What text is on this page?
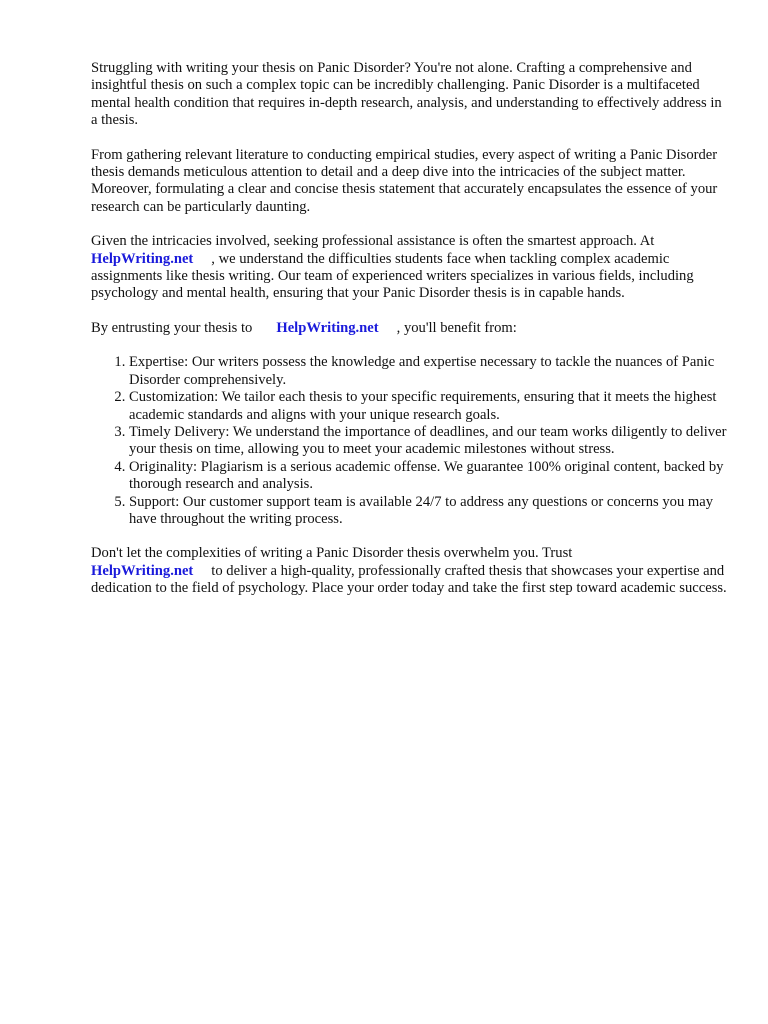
Struggling with writing your thesis on Panic Disorder? You're not alone. Crafting a comprehensive and insightful thesis on such a complex topic can be incredibly challenging. Panic Disorder is a multifaceted mental health condition that requires in-depth research, analysis, and understanding to effectively address in a thesis.

From gathering relevant literature to conducting empirical studies, every aspect of writing a Panic Disorder thesis demands meticulous attention to detail and a deep dive into the intricacies of the subject matter. Moreover, formulating a clear and concise thesis statement that accurately encapsulates the essence of your research can be particularly daunting.

Given the intricacies involved, seeking professional assistance is often the smartest approach. At
HelpWriting.net , we understand the difficulties students face when tackling complex academic assignments like thesis writing. Our team of experienced writers specializes in various fields, including psychology and mental health, ensuring that your Panic Disorder thesis is in capable hands.

By entrusting your thesis to HelpWriting.net , you'll benefit from:

1. Expertise: Our writers possess the knowledge and expertise necessary to tackle the nuances of Panic Disorder comprehensively.
2. Customization: We tailor each thesis to your specific requirements, ensuring that it meets the highest academic standards and aligns with your unique research goals.
3. Timely Delivery: We understand the importance of deadlines, and our team works diligently to deliver your thesis on time, allowing you to meet your academic milestones without stress.
4. Originality: Plagiarism is a serious academic offense. We guarantee 100% original content, backed by thorough research and analysis.
5. Support: Our customer support team is available 24/7 to address any questions or concerns you may have throughout the writing process.

Don't let the complexities of writing a Panic Disorder thesis overwhelm you. Trust
HelpWriting.net to deliver a high-quality, professionally crafted thesis that showcases your expertise and dedication to the field of psychology. Place your order today and take the first step toward academic success.
